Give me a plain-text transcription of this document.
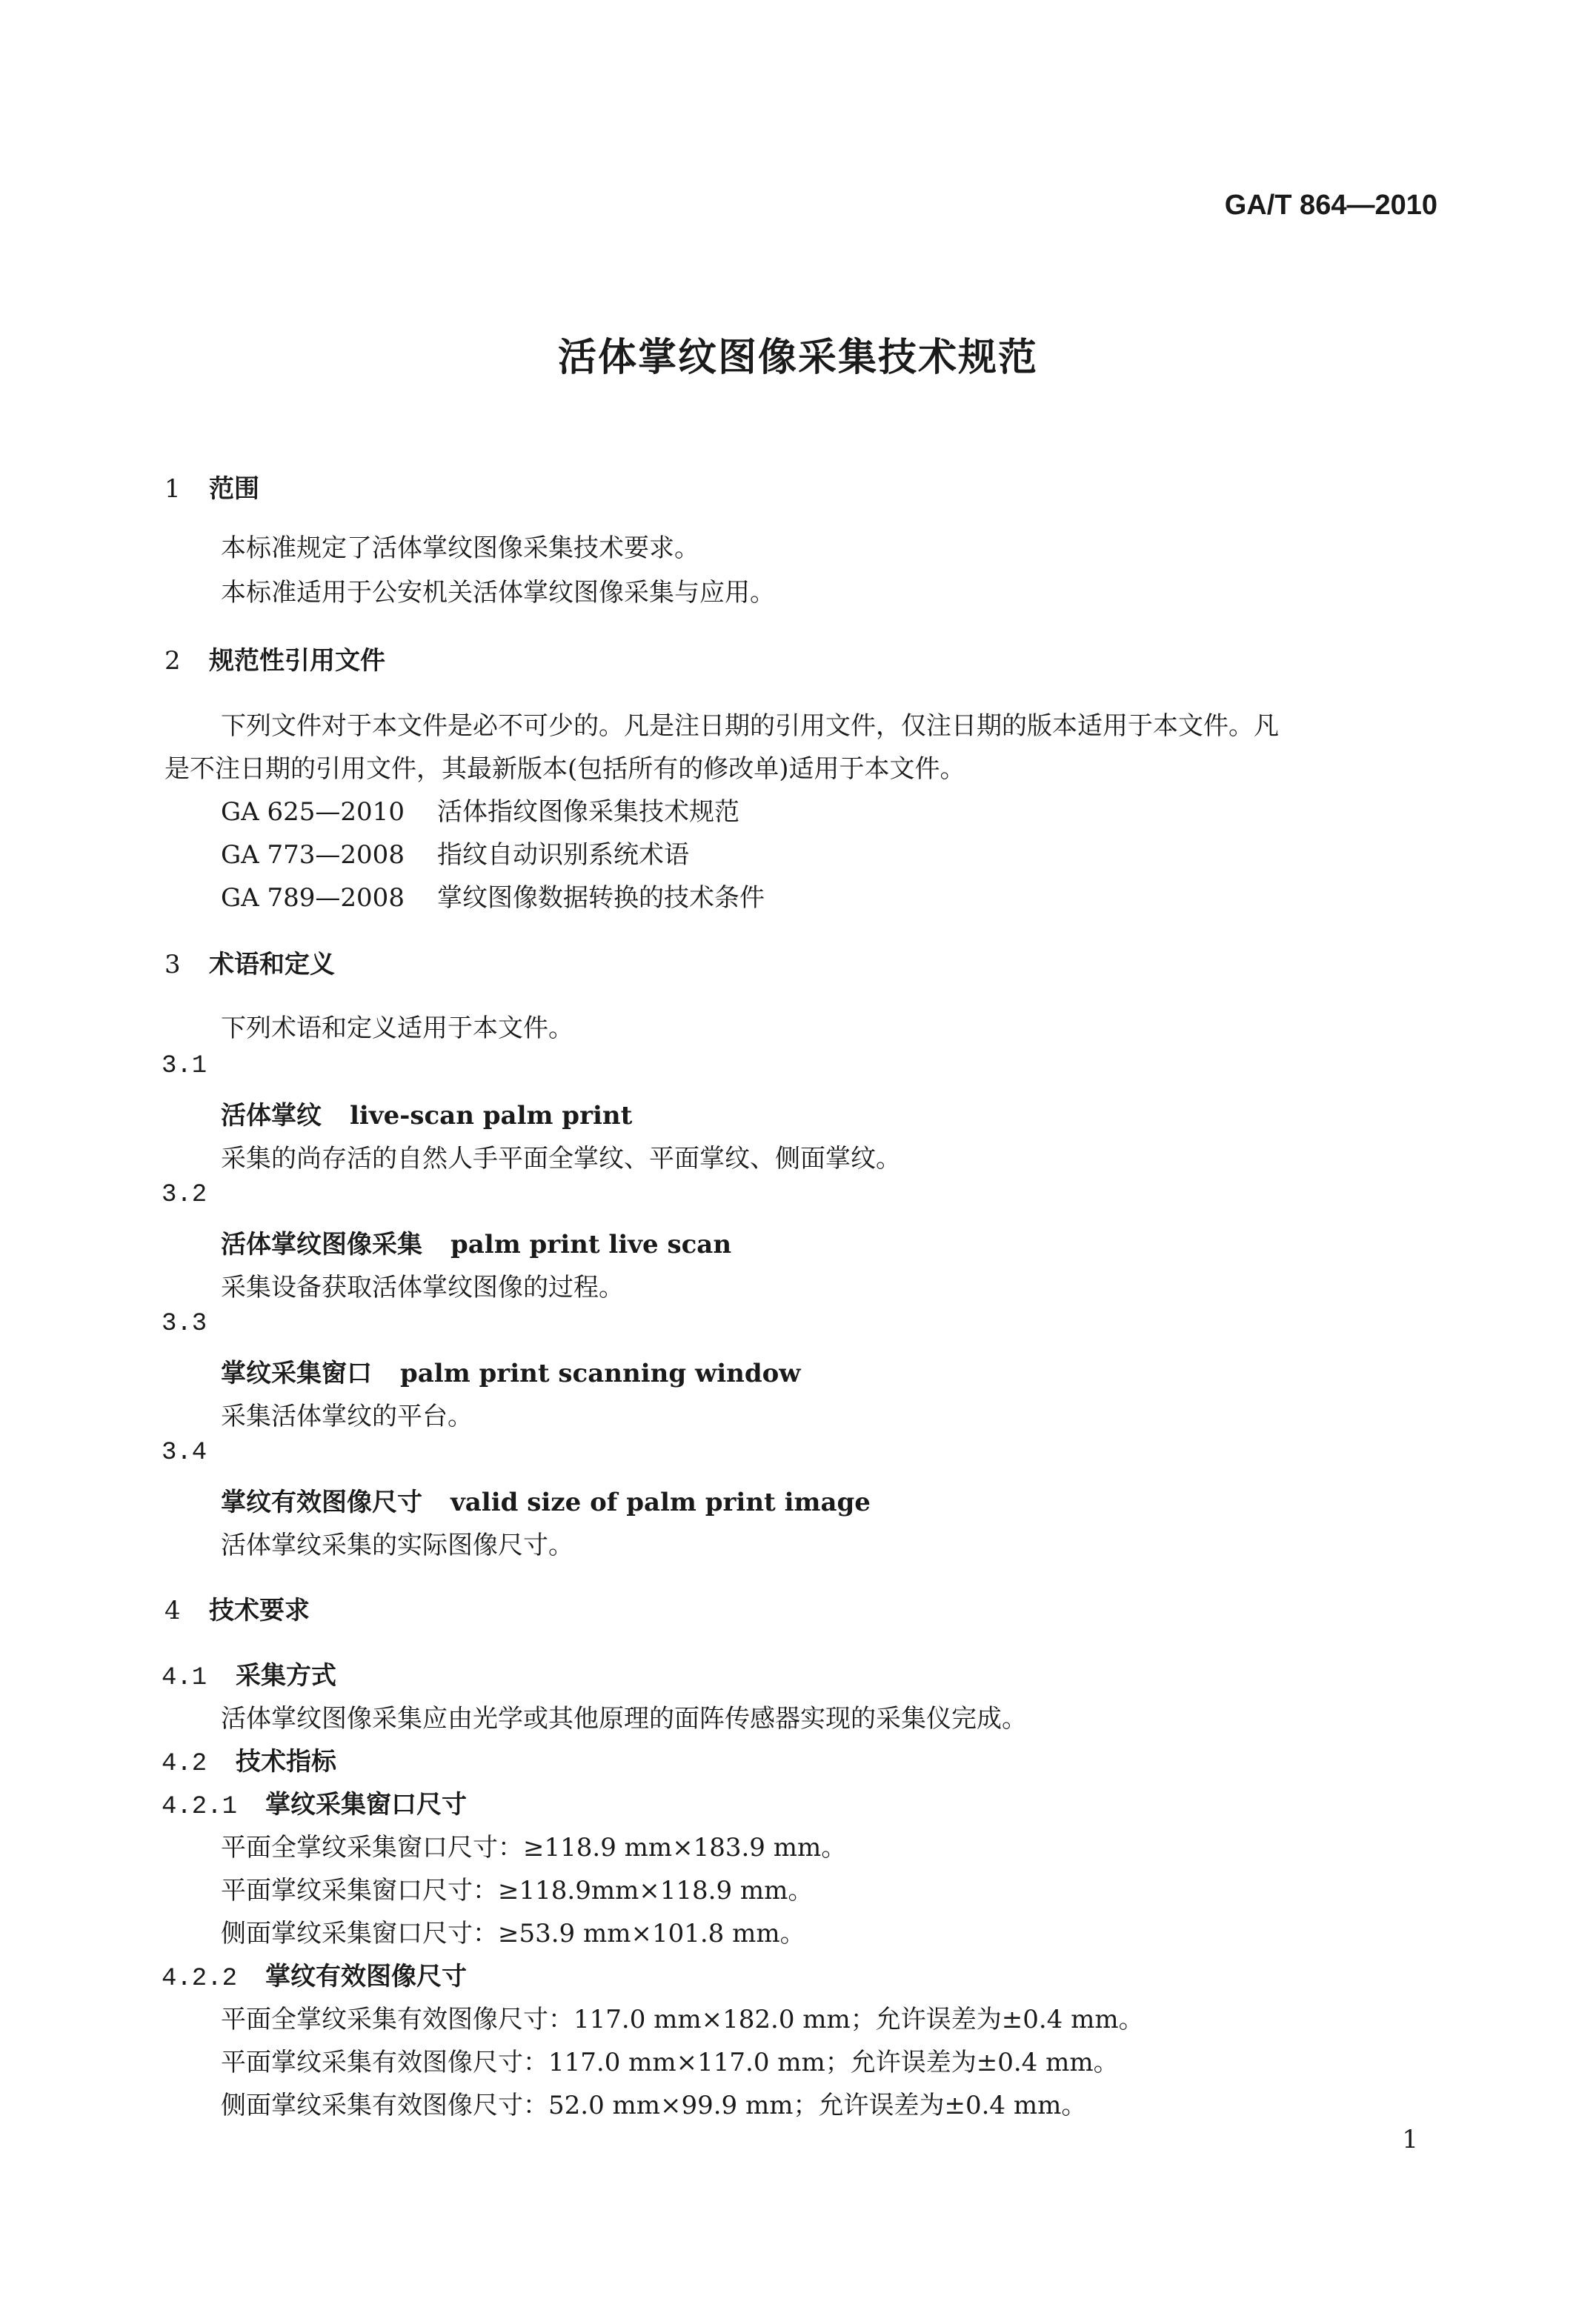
GA/T 864—2010
活体掌纹图像采集技术规范
1 范围
本标准规定了活体掌纹图像采集技术要求。
本标准适用于公安机关活体掌纹图像采集与应用。
2 规范性引用文件
下列文件对于本文件是必不可少的。凡是注日期的引用文件，仅注日期的版本适用于本文件。凡
是不注日期的引用文件，其最新版本(包括所有的修改单)适用于本文件。
GA 625—2010 活体指纹图像采集技术规范
GA 773—2008 指纹自动识别系统术语
GA 789—2008 掌纹图像数据转换的技术条件
3 术语和定义
下列术语和定义适用于本文件。
3.1
活体掌纹 live-scan palm print
采集的尚存活的自然人手平面全掌纹、平面掌纹、侧面掌纹。
3.2
活体掌纹图像采集 palm print live scan
采集设备获取活体掌纹图像的过程。
3.3
掌纹采集窗口 palm print scanning window
采集活体掌纹的平台。
3.4
掌纹有效图像尺寸 valid size of palm print image
活体掌纹采集的实际图像尺寸。
4 技术要求
4.1 采集方式
活体掌纹图像采集应由光学或其他原理的面阵传感器实现的采集仪完成。
4.2 技术指标
4.2.1 掌纹采集窗口尺寸
平面全掌纹采集窗口尺寸：≥118.9 mm×183.9 mm。
平面掌纹采集窗口尺寸：≥118.9mm×118.9 mm。
侧面掌纹采集窗口尺寸：≥53.9 mm×101.8 mm。
4.2.2 掌纹有效图像尺寸
平面全掌纹采集有效图像尺寸：117.0 mm×182.0 mm；允许误差为±0.4 mm。
平面掌纹采集有效图像尺寸：117.0 mm×117.0 mm；允许误差为±0.4 mm。
侧面掌纹采集有效图像尺寸：52.0 mm×99.9 mm；允许误差为±0.4 mm。
1
